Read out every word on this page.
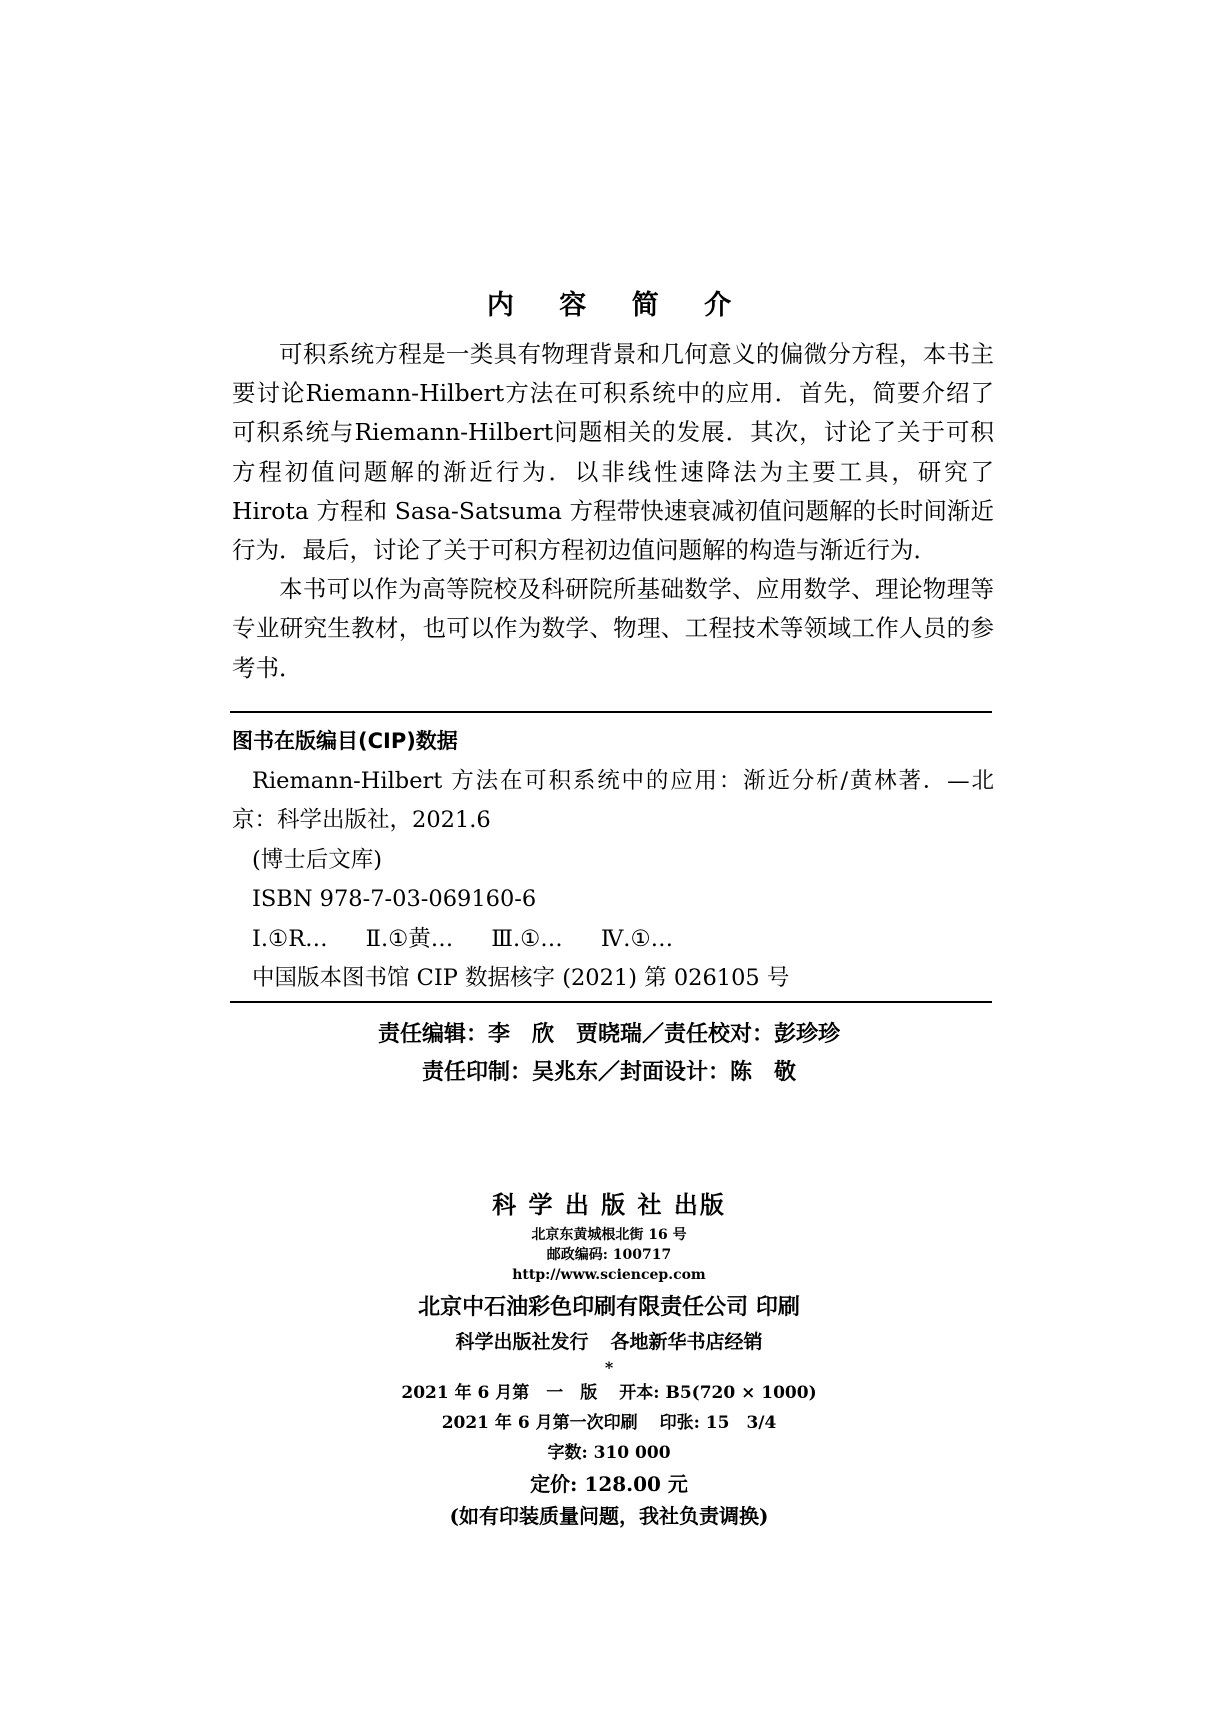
内 容 简 介

可积系统方程是一类具有物理背景和几何意义的偏微分方程，本书主要讨论Riemann-Hilbert方法在可积系统中的应用．首先，简要介绍了可积系统与Riemann-Hilbert问题相关的发展．其次，讨论了关于可积方程初值问题解的渐近行为．以非线性速降法为主要工具，研究了 Hirota 方程和 Sasa-Satsuma 方程带快速衰减初值问题解的长时间渐近行为．最后，讨论了关于可积方程初边值问题解的构造与渐近行为．

本书可以作为高等院校及科研院所基础数学、应用数学、理论物理等专业研究生教材，也可以作为数学、物理、工程技术等领域工作人员的参考书．

图书在版编目(CIP)数据
Riemann-Hilbert 方法在可积系统中的应用：渐近分析/黄林著．—北京：科学出版社，2021.6
(博士后文库)
ISBN 978-7-03-069160-6
Ⅰ.①R… Ⅱ.①黄… Ⅲ.①… Ⅳ.①…
中国版本图书馆 CIP 数据核字 (2021) 第 026105 号
责任编辑：李　欣　贾晓瑞／责任校对：彭珍珍
责任印制：吴兆东／封面设计：陈　敬
科 学 出 版 社 出版
北京东黄城根北街 16 号
邮政编码: 100717
http://www.sciencep.com
北京中石油彩色印刷有限责任公司 印刷
科学出版社发行 各地新华书店经销
*
2021 年 6 月第　一　版 开本: B5(720 × 1000)
2021 年 6 月第一次印刷 印张: 15　3/4
字数: 310 000
定价: 128.00 元
(如有印装质量问题，我社负责调换)
